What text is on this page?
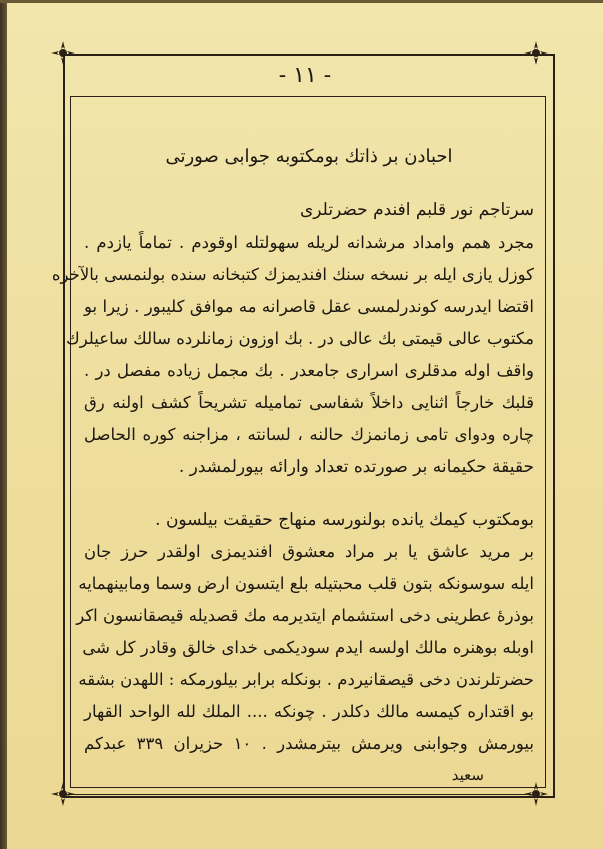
- ١١ -
احبادن بر ذاتك بومكتوبه جوابى صورتى
سرتاجم نور قلبم افندم حضرتلرى
مجرد همم وامداد مرشدانه لريله سهولتله اوقودم . تماماً يازدم .
كوزل يازى ايله بر نسخه سنك افنديمزك كتبخانه سنده بولنمسى بالآخره
اقتضا ايدرسه كوندرلمسى عقل قاصرانه مه موافق كليبور . زيرا بو
مكتوب عالى قيمتى بك عالى در . بك اوزون زمانلرده سالك ساعيلرك
واقف اوله مدقلرى اسرارى جامعدر . بك مجمل زياده مفصل در .
قلبك خارجاً اثنايى داخلاً شفاسى تماميله تشريحاً كشف اولنه رق
چاره ودواى تامى زمانمزك حالنه ، لسانته ، مزاجنه كوره الحاصل
حقيقة حكيمانه بر صورتده تعداد وارائه بيورلمشدر .
بومكتوب كيمك يانده بولنورسه منهاج حقيقت بيلسون .
بر مريد عاشق يا بر مراد معشوق افنديمزى اولقدر حرز جان
ايله سوسونكه بتون قلب محبتيله بلع ايتسون ارض وسما ومابينهمايه
بوذرهٔ عطرينى دخى استشمام ايتديرمه مك قصديله قيصقانسون اكر
اوبله بوهنره مالك اولسه ايدم سوديكمى خداى خالق وقادر كل شى
حضرتلرندن دخى قيصقانيردم . بونكله برابر بيلورمكه : اللهدن بشقه
بو اقتداره كيمسه مالك دكلدر . چونكه .... الملك لله الواحد القهار
بيورمش وجوابنى ويرمش بيترمشدر . ١٠ حزيران ٣٣٩ عبدكم
سعيد
